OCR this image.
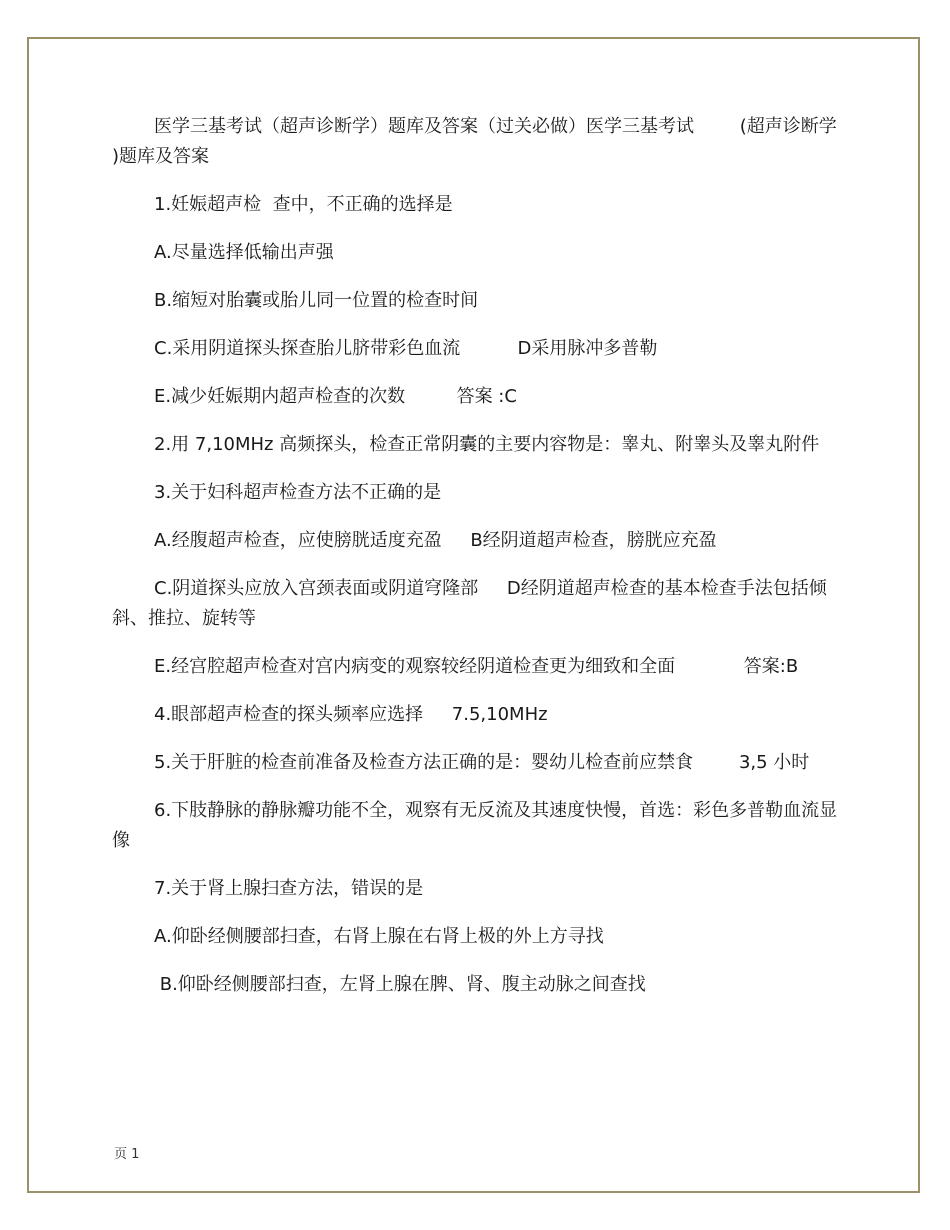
医学三基考试（超声诊断学）题库及答案（过关必做）医学三基考试        (超声诊断学 )题库及答案

1.妊娠超声检  查中，不正确的选择是

A.尽量选择低输出声强

B.缩短对胎囊或胎儿同一位置的检查时间

C.采用阴道探头探查胎儿脐带彩色血流          D采用脉冲多普勒

E.减少妊娠期内超声检查的次数         答案 :C

2.用 7,10MHz 高频探头，检查正常阴囊的主要内容物是：睾丸、附睾头及睾丸附件

3.关于妇科超声检查方法不正确的是

A.经腹超声检查，应使膀胱适度充盈     B经阴道超声检查，膀胱应充盈

C.阴道探头应放入宫颈表面或阴道穹隆部     D经阴道超声检查的基本检查手法包括倾斜、推拉、旋转等

E.经宫腔超声检查对宫内病变的观察较经阴道检查更为细致和全面            答案:B

4.眼部超声检查的探头频率应选择     7.5,10MHz

5.关于肝脏的检查前准备及检查方法正确的是：婴幼儿检查前应禁食        3,5 小时

6.下肢静脉的静脉瓣功能不全，观察有无反流及其速度快慢，首选：彩色多普勒血流显像

7.关于肾上腺扫查方法，错误的是

A.仰卧经侧腰部扫查，右肾上腺在右肾上极的外上方寻找

B.仰卧经侧腰部扫查，左肾上腺在脾、肾、腹主动脉之间查找

页 1
